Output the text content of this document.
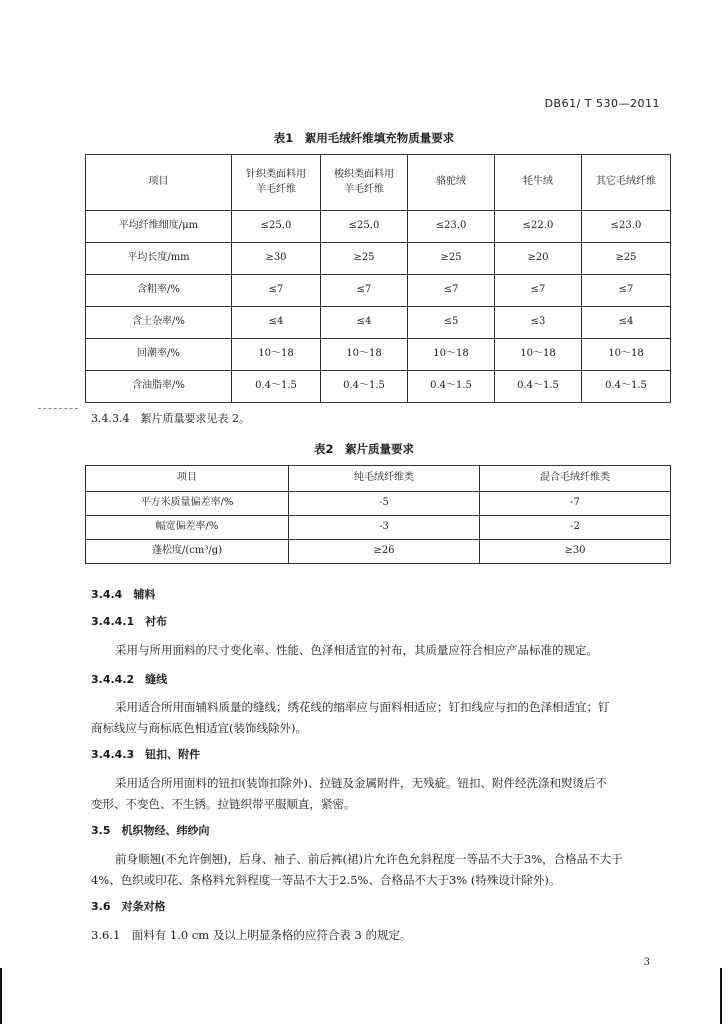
DB61/ T 530—2011
表1　絮用毛绒纤维填充物质量要求
项目	针织类面料用
羊毛纤维	梭织类面料用
羊毛纤维	骆驼绒	牦牛绒	其它毛绒纤维
平均纤维细度/μm	≤25.0	≤25.0	≤23.0	≤22.0	≤23.0
平均长度/mm	≥30	≥25	≥25	≥20	≥25
含粗率/%	≤7	≤7	≤7	≤7	≤7
含土杂率/%	≤4	≤4	≤5	≤3	≤4
回潮率/%	10～18	10～18	10～18	10～18	10～18
含油脂率/%	0.4～1.5	0.4～1.5	0.4～1.5	0.4～1.5	0.4～1.5
3.4.3.4　絮片质量要求见表 2。
表2　絮片质量要求
项目	纯毛绒纤维类	混合毛绒纤维类
平方米质量偏差率/%	-5	-7
幅宽偏差率/%	-3	-2
蓬松度/(cm³/g)	≥26	≥30
3.4.4　辅料
3.4.4.1　衬布
采用与所用面料的尺寸变化率、性能、色泽相适宜的衬布，其质量应符合相应产品标准的规定。
3.4.4.2　缝线
采用适合所用面辅料质量的缝线；绣花线的缩率应与面料相适应；钉扣线应与扣的色泽相适宜；钉
商标线应与商标底色相适宜(装饰线除外)。
3.4.4.3　钮扣、附件
采用适合所用面料的钮扣(装饰扣除外)、拉链及金属附件，无残疵。钮扣、附件经洗涤和熨烫后不
变形、不变色、不生锈。拉链织带平服顺直，紧密。
3.5　机织物经、纬纱向
前身顺翘(不允许倒翘)，后身、袖子、前后裤(裙)片允许色允斜程度一等品不大于3%，合格品不大于
4%、色织或印花、条格料允斜程度一等品不大于2.5%、合格品不大于3% (特殊设计除外)。
3.6　对条对格
3.6.1　面料有 1.0 cm 及以上明显条格的应符合表 3 的规定。
3
